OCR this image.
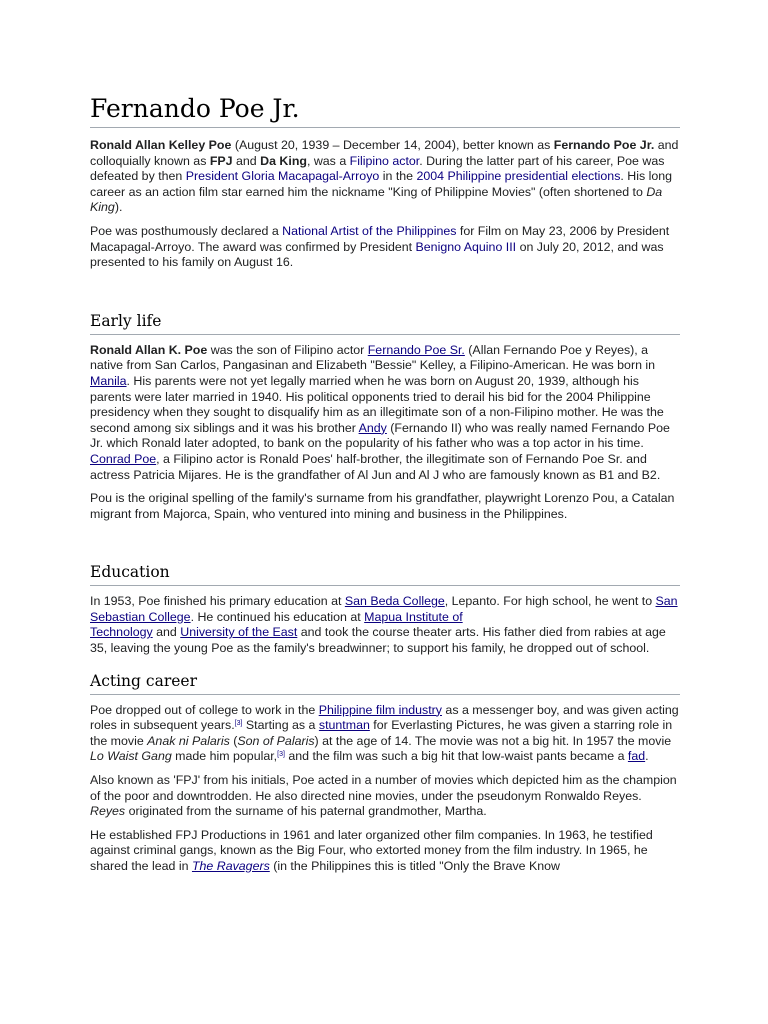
Fernando Poe Jr.

Ronald Allan Kelley Poe (August 20, 1939 – December 14, 2004), better known as Fernando Poe Jr. and colloquially known as FPJ and Da King, was a Filipino actor. During the latter part of his career, Poe was defeated by then President Gloria Macapagal-Arroyo in the 2004 Philippine presidential elections. His long career as an action film star earned him the nickname "King of Philippine Movies" (often shortened to Da King).

Poe was posthumously declared a National Artist of the Philippines for Film on May 23, 2006 by President Macapagal-Arroyo. The award was confirmed by President Benigno Aquino III on July 20, 2012, and was presented to his family on August 16.

Early life

Ronald Allan K. Poe was the son of Filipino actor Fernando Poe Sr. (Allan Fernando Poe y Reyes), a native from San Carlos, Pangasinan and Elizabeth "Bessie" Kelley, a Filipino-American. He was born in Manila. His parents were not yet legally married when he was born on August 20, 1939, although his parents were later married in 1940. His political opponents tried to derail his bid for the 2004 Philippine presidency when they sought to disqualify him as an illegitimate son of a non-Filipino mother. He was the second among six siblings and it was his brother Andy (Fernando II) who was really named Fernando Poe Jr. which Ronald later adopted, to bank on the popularity of his father who was a top actor in his time. Conrad Poe, a Filipino actor is Ronald Poes' half-brother, the illegitimate son of Fernando Poe Sr. and actress Patricia Mijares. He is the grandfather of Al Jun and Al J who are famously known as B1 and B2.

Pou is the original spelling of the family's surname from his grandfather, playwright Lorenzo Pou, a Catalan migrant from Majorca, Spain, who ventured into mining and business in the Philippines.

Education

In 1953, Poe finished his primary education at San Beda College, Lepanto. For high school, he went to San Sebastian College. He continued his education at Mapua Institute of
Technology and University of the East and took the course theater arts. His father died from rabies at age 35, leaving the young Poe as the family's breadwinner; to support his family, he dropped out of school.

Acting career

Poe dropped out of college to work in the Philippine film industry as a messenger boy, and was given acting roles in subsequent years.[3] Starting as a stuntman for Everlasting Pictures, he was given a starring role in the movie Anak ni Palaris (Son of Palaris) at the age of 14. The movie was not a big hit. In 1957 the movie Lo Waist Gang made him popular,[3] and the film was such a big hit that low-waist pants became a fad.

Also known as 'FPJ' from his initials, Poe acted in a number of movies which depicted him as the champion of the poor and downtrodden. He also directed nine movies, under the pseudonym Ronwaldo Reyes. Reyes originated from the surname of his paternal grandmother, Martha.

He established FPJ Productions in 1961 and later organized other film companies. In 1963, he testified against criminal gangs, known as the Big Four, who extorted money from the film industry. In 1965, he shared the lead in The Ravagers (in the Philippines this is titled "Only the Brave Know
